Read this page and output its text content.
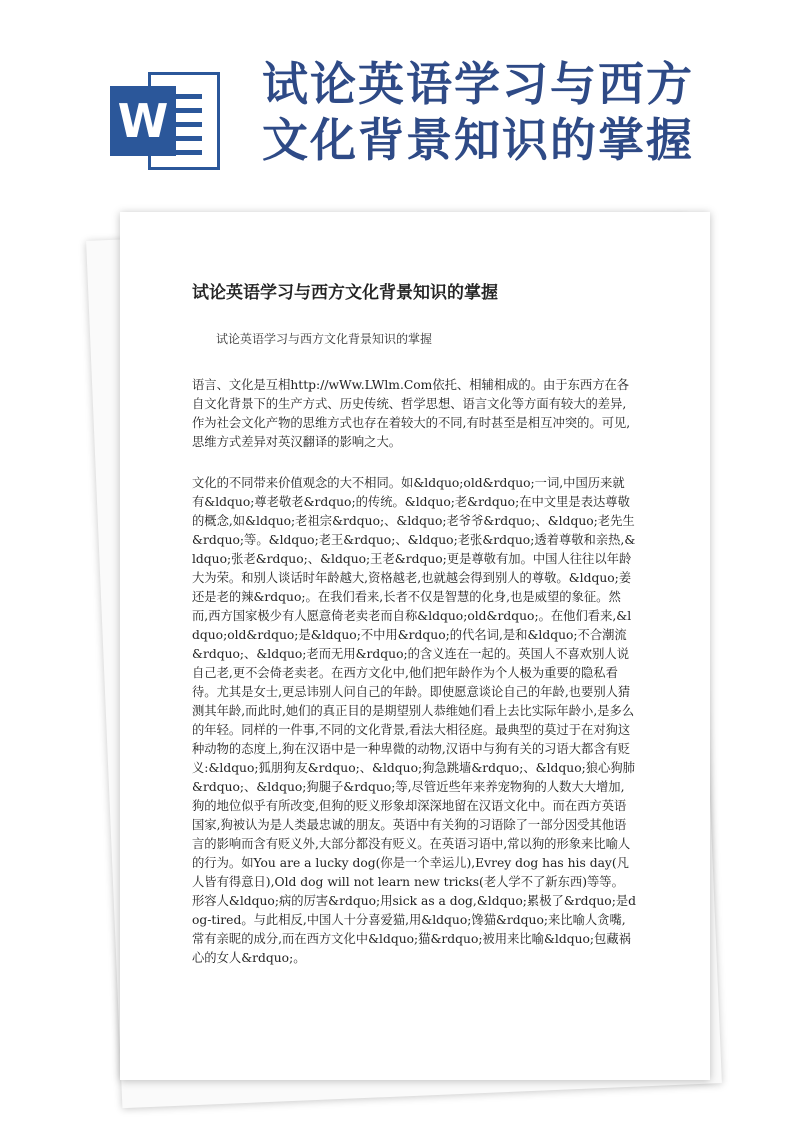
W
试论英语学习与西方文化背景知识的掌握
试论英语学习与西方文化背景知识的掌握

试论英语学习与西方文化背景知识的掌握

语言、文化是互相http://wWw.LWlm.Com依托、相辅相成的。由于东西方在各自文化背景下的生产方式、历史传统、哲学思想、语言文化等方面有较大的差异,作为社会文化产物的思维方式也存在着较大的不同,有时甚至是相互冲突的。可见,思维方式差异对英汉翻译的影响之大。

文化的不同带来价值观念的大不相同。如&ldquo;old&rdquo;一词,中国历来就有&ldquo;尊老敬老&rdquo;的传统。&ldquo;老&rdquo;在中文里是表达尊敬的概念,如&ldquo;老祖宗&rdquo;、&ldquo;老爷爷&rdquo;、&ldquo;老先生&rdquo;等。&ldquo;老王&rdquo;、&ldquo;老张&rdquo;透着尊敬和亲热,&ldquo;张老&rdquo;、&ldquo;王老&rdquo;更是尊敬有加。中国人往往以年龄大为荣。和别人谈话时年龄越大,资格越老,也就越会得到别人的尊敬。&ldquo;姜还是老的辣&rdquo;。在我们看来,长者不仅是智慧的化身,也是威望的象征。然而,西方国家极少有人愿意倚老卖老而自称&ldquo;old&rdquo;。在他们看来,&ldquo;old&rdquo;是&ldquo;不中用&rdquo;的代名词,是和&ldquo;不合潮流&rdquo;、&ldquo;老而无用&rdquo;的含义连在一起的。英国人不喜欢别人说自己老,更不会倚老卖老。在西方文化中,他们把年龄作为个人极为重要的隐私看待。尤其是女士,更忌讳别人问自己的年龄。即使愿意谈论自己的年龄,也要别人猜测其年龄,而此时,她们的真正目的是期望别人恭维她们看上去比实际年龄小,是多么的年轻。同样的一件事,不同的文化背景,看法大相径庭。最典型的莫过于在对狗这种动物的态度上,狗在汉语中是一种卑微的动物,汉语中与狗有关的习语大都含有贬义:&ldquo;狐朋狗友&rdquo;、&ldquo;狗急跳墙&rdquo;、&ldquo;狼心狗肺&rdquo;、&ldquo;狗腿子&rdquo;等,尽管近些年来养宠物狗的人数大大增加,狗的地位似乎有所改变,但狗的贬义形象却深深地留在汉语文化中。而在西方英语国家,狗被认为是人类最忠诚的朋友。英语中有关狗的习语除了一部分因受其他语言的影响而含有贬义外,大部分都没有贬义。在英语习语中,常以狗的形象来比喻人的行为。如You are a lucky dog(你是一个幸运儿),Evrey dog has his day(凡人皆有得意日),Old dog will not learn new tricks(老人学不了新东西)等等。形容人&ldquo;病的厉害&rdquo;用sick as a dog,&ldquo;累极了&rdquo;是dog-tired。与此相反,中国人十分喜爱猫,用&ldquo;馋猫&rdquo;来比喻人贪嘴,常有亲昵的成分,而在西方文化中&ldquo;猫&rdquo;被用来比喻&ldquo;包藏祸心的女人&rdquo;。
